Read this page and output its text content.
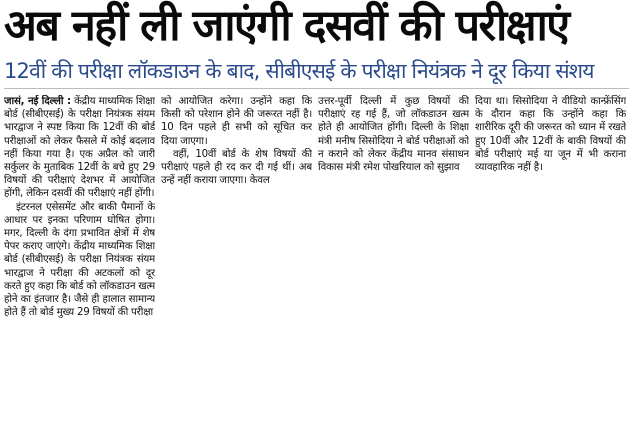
अब नहीं ली जाएंगी दसवीं की परीक्षाएं
12वीं की परीक्षा लॉकडाउन के बाद, सीबीएसई के परीक्षा नियंत्रक ने दूर किया संशय

जासं, नई दिल्ली : केंद्रीय माध्यमिक शिक्षा बोर्ड (सीबीएसई) के परीक्षा नियंत्रक संयम भारद्वाज ने स्पष्ट किया कि 12वीं की बोर्ड परीक्षाओं को लेकर फैसले में कोई बदलाव नहीं किया गया है। एक अप्रैल को जारी सर्कुलर के मुताबिक 12वीं के बचे हुए 29 विषयों की परीक्षाएं देशभर में आयोजित होंगी, लेकिन दसवीं की परीक्षाएं नहीं होंगी।

इंटरनल एसेसमेंट और बाकी पैमानों के आधार पर इनका परिणाम घोषित होगा। मगर, दिल्ली के दंगा प्रभावित क्षेत्रों में शेष पेपर कराए जाएंगे। केंद्रीय माध्यमिक शिक्षा बोर्ड (सीबीएसई) के परीक्षा नियंत्रक संयम भारद्वाज ने परीक्षा की अटकलों को दूर करते हुए कहा कि बोर्ड को लॉकडाउन खत्म होने का इंतजार है। जैसे ही हालात सामान्य होते हैं तो बोर्ड मुख्य 29 विषयों की परीक्षा

को आयोजित करेगा। उन्होंने कहा कि किसी को परेशान होने की जरूरत नहीं है। 10 दिन पहले ही सभी को सूचित कर दिया जाएगा।

वहीं, 10वीं बोर्ड के शेष विषयों की परीक्षाएं पहले ही रद कर दी गई थीं। अब उन्हें नहीं कराया जाएगा। केवल

उत्तर-पूर्वी दिल्ली में कुछ विषयों की परीक्षाएं रह गई हैं, जो लॉकडाउन खत्म होते ही आयोजित होंगी। दिल्ली के शिक्षा मंत्री मनीष सिसोदिया ने बोर्ड परीक्षाओं को न कराने को लेकर केंद्रीय मानव संसाधन विकास मंत्री रमेश पोखरियाल को सुझाव

दिया था। सिसोदिया ने वीडियो कान्फ्रेंसिंग के दौरान कहा कि उन्होंने कहा कि शारीरिक दूरी की जरूरत को ध्यान में रखते हुए 10वीं और 12वीं के बाकी विषयों की बोर्ड परीक्षाएं मई या जून में भी कराना व्यावहारिक नहीं है।
